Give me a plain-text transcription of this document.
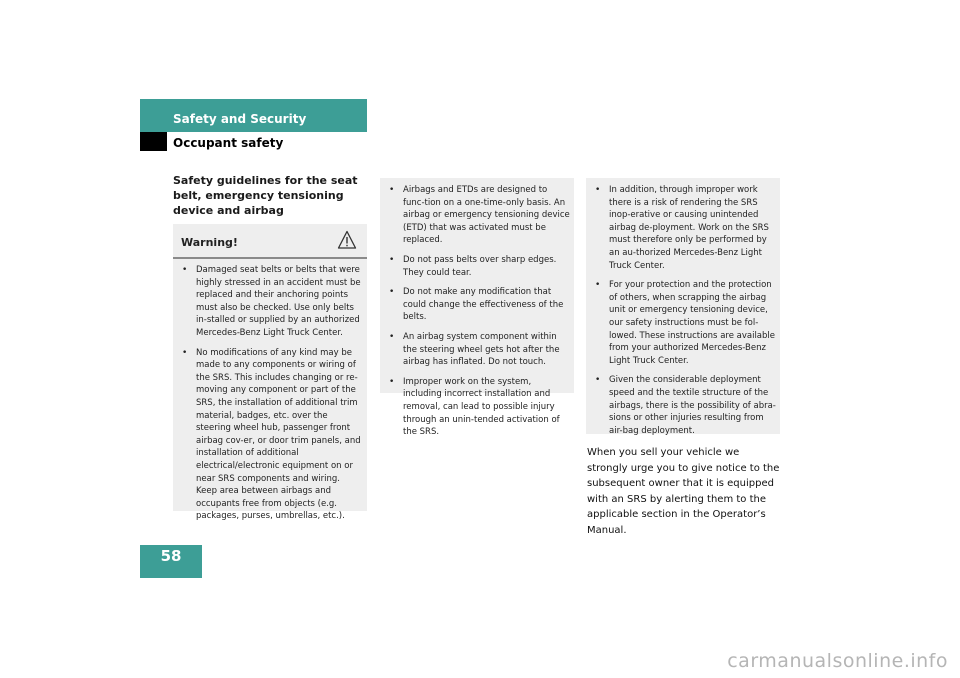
58
Safety and Security
Occupant safety
Safety guidelines for the seat belt, emergency tensioning device and airbag
Warning!
• Damaged seat belts or belts that were highly stressed in an accident must be replaced and their anchoring points must also be checked. Use only belts in-stalled or supplied by an authorized Mercedes-Benz Light Truck Center.
• No modifications of any kind may be made to any components or wiring of the SRS. This includes changing or re-moving any component or part of the SRS, the installation of additional trim material, badges, etc. over the steering wheel hub, passenger front airbag cov-er, or door trim panels, and installation of additional electrical/electronic equipment on or near SRS components and wiring. Keep area between airbags and occupants free from objects (e.g. packages, purses, umbrellas, etc.).
• Airbags and ETDs are designed to func-tion on a one-time-only basis. An airbag or emergency tensioning device (ETD) that was activated must be replaced.
• Do not pass belts over sharp edges. They could tear.
• Do not make any modification that could change the effectiveness of the belts.
• An airbag system component within the steering wheel gets hot after the airbag has inflated. Do not touch.
• Improper work on the system, including incorrect installation and removal, can lead to possible injury through an unin-tended activation of the SRS.
• In addition, through improper work there is a risk of rendering the SRS inop-erative or causing unintended airbag de-ployment. Work on the SRS must therefore only be performed by an au-thorized Mercedes-Benz Light Truck Center.
• For your protection and the protection of others, when scrapping the airbag unit or emergency tensioning device, our safety instructions must be fol-lowed. These instructions are available from your authorized Mercedes-Benz Light Truck Center.
• Given the considerable deployment speed and the textile structure of the airbags, there is the possibility of abra-sions or other injuries resulting from air-bag deployment.
When you sell your vehicle we strongly urge you to give notice to the subsequent owner that it is equipped with an SRS by alerting them to the applicable section in the Operator’s Manual.
carmanualsonline.info
